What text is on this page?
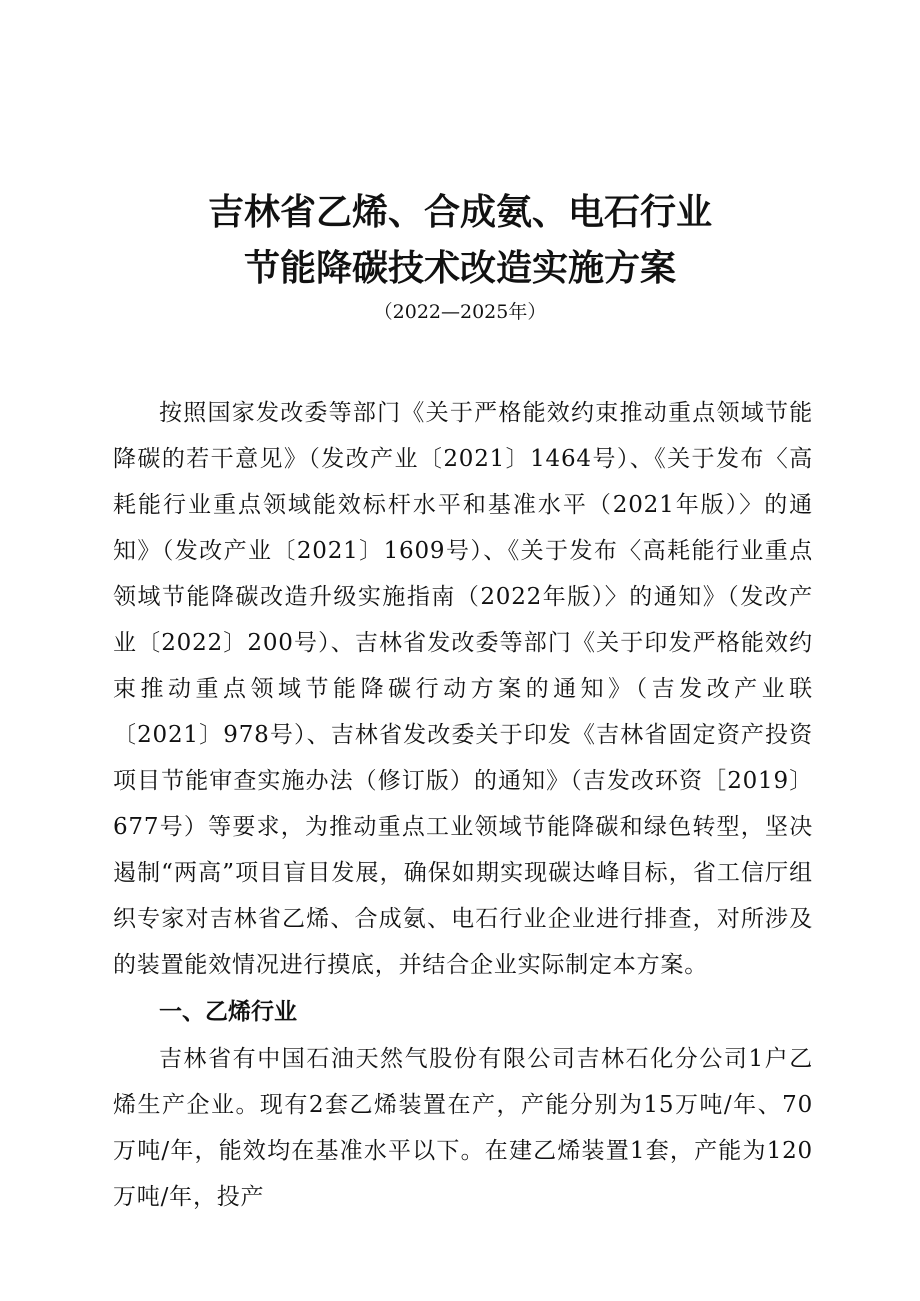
吉林省乙烯、合成氨、电石行业
节能降碳技术改造实施方案
（2022—2025年）

按照国家发改委等部门《关于严格能效约束推动重点领域节能降碳的若干意见》（发改产业〔2021〕1464号）、《关于发布〈高耗能行业重点领域能效标杆水平和基准水平（2021年版）〉的通知》（发改产业〔2021〕1609号）、《关于发布〈高耗能行业重点领域节能降碳改造升级实施指南（2022年版）〉的通知》（发改产业〔2022〕200号）、吉林省发改委等部门《关于印发严格能效约束推动重点领域节能降碳行动方案的通知》（吉发改产业联〔2021〕978号）、吉林省发改委关于印发《吉林省固定资产投资项目节能审查实施办法（修订版）的通知》（吉发改环资［2019〕677号）等要求，为推动重点工业领域节能降碳和绿色转型，坚决遏制“两高”项目盲目发展，确保如期实现碳达峰目标，省工信厅组织专家对吉林省乙烯、合成氨、电石行业企业进行排查，对所涉及的装置能效情况进行摸底，并结合企业实际制定本方案。

一、乙烯行业

吉林省有中国石油天然气股份有限公司吉林石化分公司1户乙烯生产企业。现有2套乙烯装置在产，产能分别为15万吨/年、70万吨/年，能效均在基准水平以下。在建乙烯装置1套，产能为120万吨/年，投产
